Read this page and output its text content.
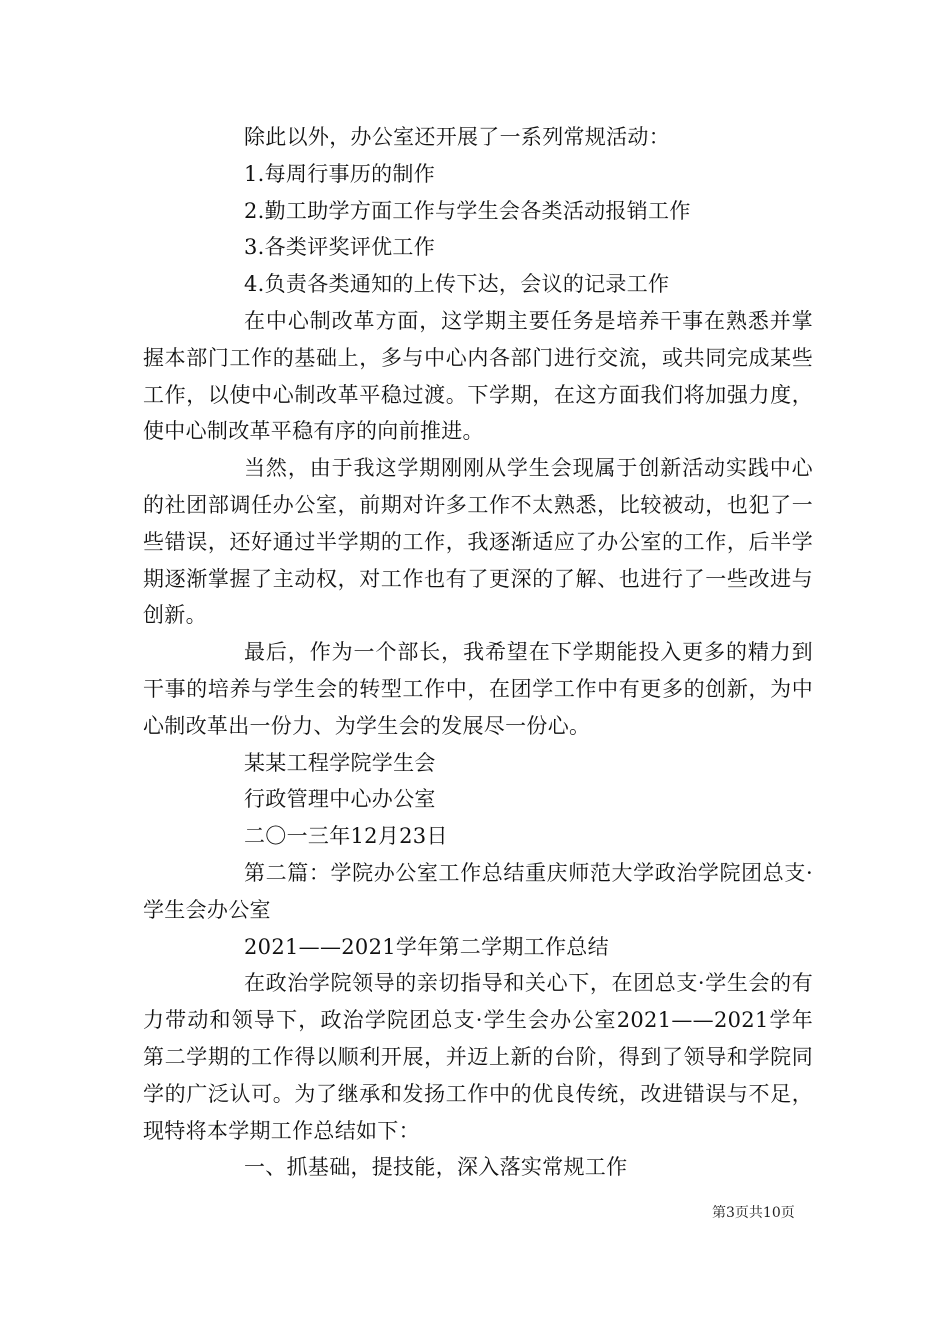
除此以外，办公室还开展了一系列常规活动：

1.每周行事历的制作

2.勤工助学方面工作与学生会各类活动报销工作

3.各类评奖评优工作

4.负责各类通知的上传下达，会议的记录工作

在中心制改革方面，这学期主要任务是培养干事在熟悉并掌握本部门工作的基础上，多与中心内各部门进行交流，或共同完成某些工作，以使中心制改革平稳过渡。下学期，在这方面我们将加强力度，使中心制改革平稳有序的向前推进。

当然，由于我这学期刚刚从学生会现属于创新活动实践中心的社团部调任办公室，前期对许多工作不太熟悉，比较被动，也犯了一些错误，还好通过半学期的工作，我逐渐适应了办公室的工作，后半学期逐渐掌握了主动权，对工作也有了更深的了解、也进行了一些改进与创新。

最后，作为一个部长，我希望在下学期能投入更多的精力到干事的培养与学生会的转型工作中，在团学工作中有更多的创新，为中心制改革出一份力、为学生会的发展尽一份心。

某某工程学院学生会

行政管理中心办公室

二〇一三年12月23日

第二篇：学院办公室工作总结重庆师范大学政治学院团总支·学生会办公室

2021——2021学年第二学期工作总结

在政治学院领导的亲切指导和关心下，在团总支·学生会的有力带动和领导下，政治学院团总支·学生会办公室2021——2021学年第二学期的工作得以顺利开展，并迈上新的台阶，得到了领导和学院同学的广泛认可。为了继承和发扬工作中的优良传统，改进错误与不足，现特将本学期工作总结如下：

一、抓基础，提技能，深入落实常规工作

第3页共10页
